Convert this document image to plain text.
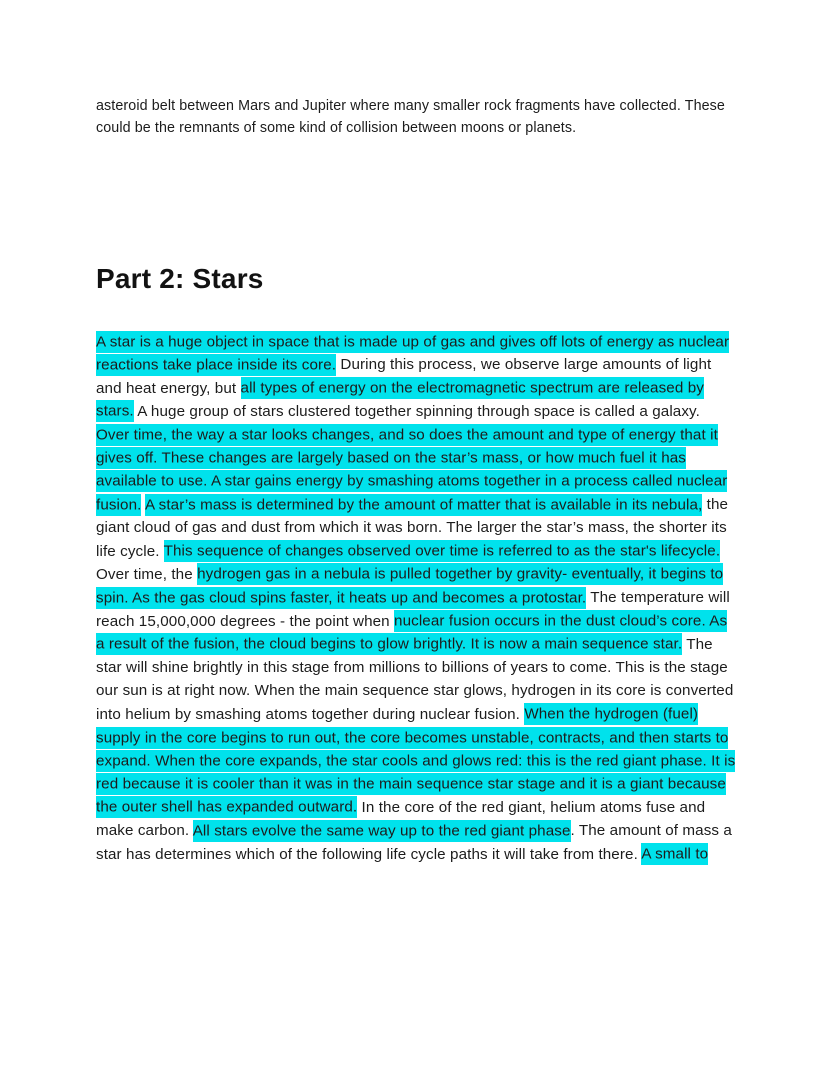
asteroid belt between Mars and Jupiter where many smaller rock fragments have collected. These could be the remnants of some kind of collision between moons or planets.

Part 2: Stars

A star is a huge object in space that is made up of gas and gives off lots of energy as nuclear reactions take place inside its core. During this process, we observe large amounts of light and heat energy, but all types of energy on the electromagnetic spectrum are released by stars. A huge group of stars clustered together spinning through space is called a galaxy. Over time, the way a star looks changes, and so does the amount and type of energy that it gives off. These changes are largely based on the star’s mass, or how much fuel it has available to use. A star gains energy by smashing atoms together in a process called nuclear fusion. A star’s mass is determined by the amount of matter that is available in its nebula, the giant cloud of gas and dust from which it was born. The larger the star’s mass, the shorter its life cycle. This sequence of changes observed over time is referred to as the star's lifecycle. Over time, the hydrogen gas in a nebula is pulled together by gravity- eventually, it begins to spin. As the gas cloud spins faster, it heats up and becomes a protostar. The temperature will reach 15,000,000 degrees - the point when nuclear fusion occurs in the dust cloud’s core. As a result of the fusion, the cloud begins to glow brightly. It is now a main sequence star. The star will shine brightly in this stage from millions to billions of years to come. This is the stage our sun is at right now. When the main sequence star glows, hydrogen in its core is converted into helium by smashing atoms together during nuclear fusion. When the hydrogen (fuel) supply in the core begins to run out, the core becomes unstable, contracts, and then starts to expand. When the core expands, the star cools and glows red: this is the red giant phase. It is red because it is cooler than it was in the main sequence star stage and it is a giant because the outer shell has expanded outward. In the core of the red giant, helium atoms fuse and make carbon. All stars evolve the same way up to the red giant phase. The amount of mass a star has determines which of the following life cycle paths it will take from there. A small to
